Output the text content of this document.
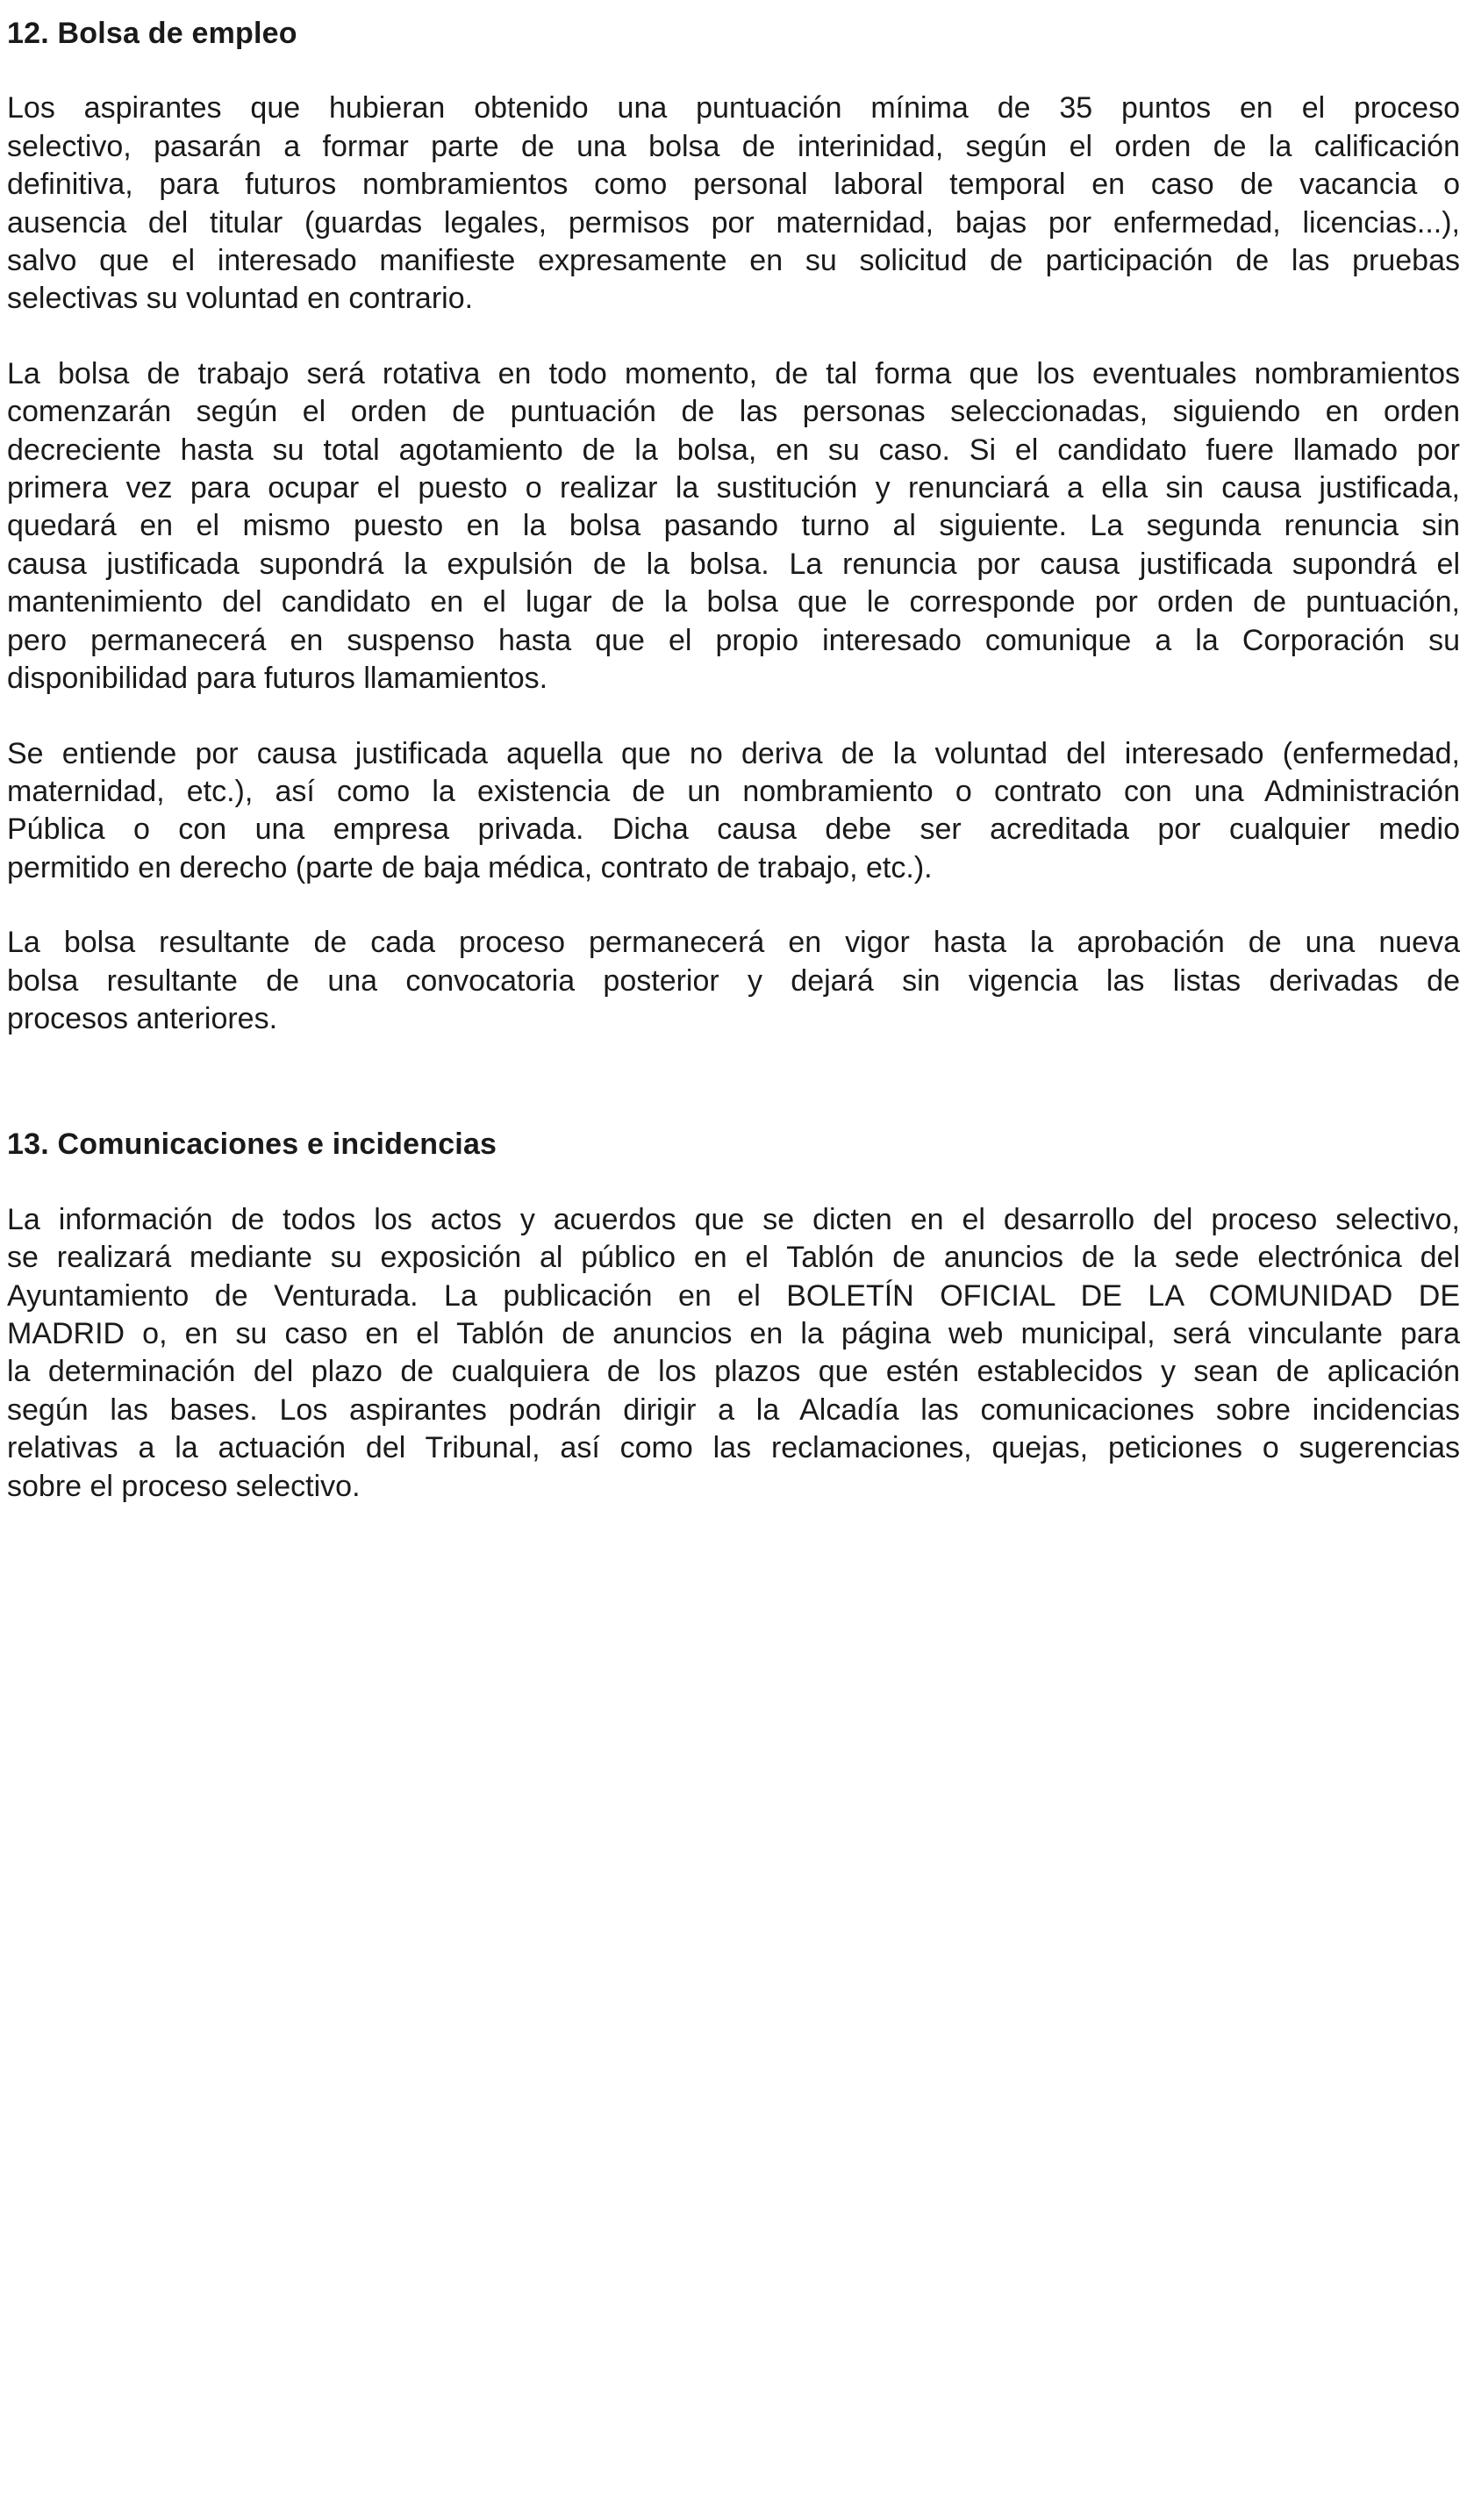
12. Bolsa de empleo

Los aspirantes que hubieran obtenido una puntuación mínima de 35 puntos en el proceso
selectivo, pasarán a formar parte de una bolsa de interinidad, según el orden de la calificación
definitiva, para futuros nombramientos como personal laboral temporal en caso de vacancia o
ausencia del titular (guardas legales, permisos por maternidad, bajas por enfermedad, licencias...),
salvo que el interesado manifieste expresamente en su solicitud de participación de las pruebas
selectivas su voluntad en contrario.

La bolsa de trabajo será rotativa en todo momento, de tal forma que los eventuales nombramientos
comenzarán según el orden de puntuación de las personas seleccionadas, siguiendo en orden
decreciente hasta su total agotamiento de la bolsa, en su caso. Si el candidato fuere llamado por
primera vez para ocupar el puesto o realizar la sustitución y renunciará a ella sin causa justificada,
quedará en el mismo puesto en la bolsa pasando turno al siguiente. La segunda renuncia sin
causa justificada supondrá la expulsión de la bolsa. La renuncia por causa justificada supondrá el
mantenimiento del candidato en el lugar de la bolsa que le corresponde por orden de puntuación,
pero permanecerá en suspenso hasta que el propio interesado comunique a la Corporación su
disponibilidad para futuros llamamientos.

Se entiende por causa justificada aquella que no deriva de la voluntad del interesado (enfermedad,
maternidad, etc.), así como la existencia de un nombramiento o contrato con una Administración
Pública o con una empresa privada. Dicha causa debe ser acreditada por cualquier medio
permitido en derecho (parte de baja médica, contrato de trabajo, etc.).

La bolsa resultante de cada proceso permanecerá en vigor hasta la aprobación de una nueva
bolsa resultante de una convocatoria posterior y dejará sin vigencia las listas derivadas de
procesos anteriores.

13. Comunicaciones e incidencias

La información de todos los actos y acuerdos que se dicten en el desarrollo del proceso selectivo,
se realizará mediante su exposición al público en el Tablón de anuncios de la sede electrónica del
Ayuntamiento de Venturada. La publicación en el BOLETÍN OFICIAL DE LA COMUNIDAD DE
MADRID o, en su caso en el Tablón de anuncios en la página web municipal, será vinculante para
la determinación del plazo de cualquiera de los plazos que estén establecidos y sean de aplicación
según las bases. Los aspirantes podrán dirigir a la Alcadía las comunicaciones sobre incidencias
relativas a la actuación del Tribunal, así como las reclamaciones, quejas, peticiones o sugerencias
sobre el proceso selectivo.
